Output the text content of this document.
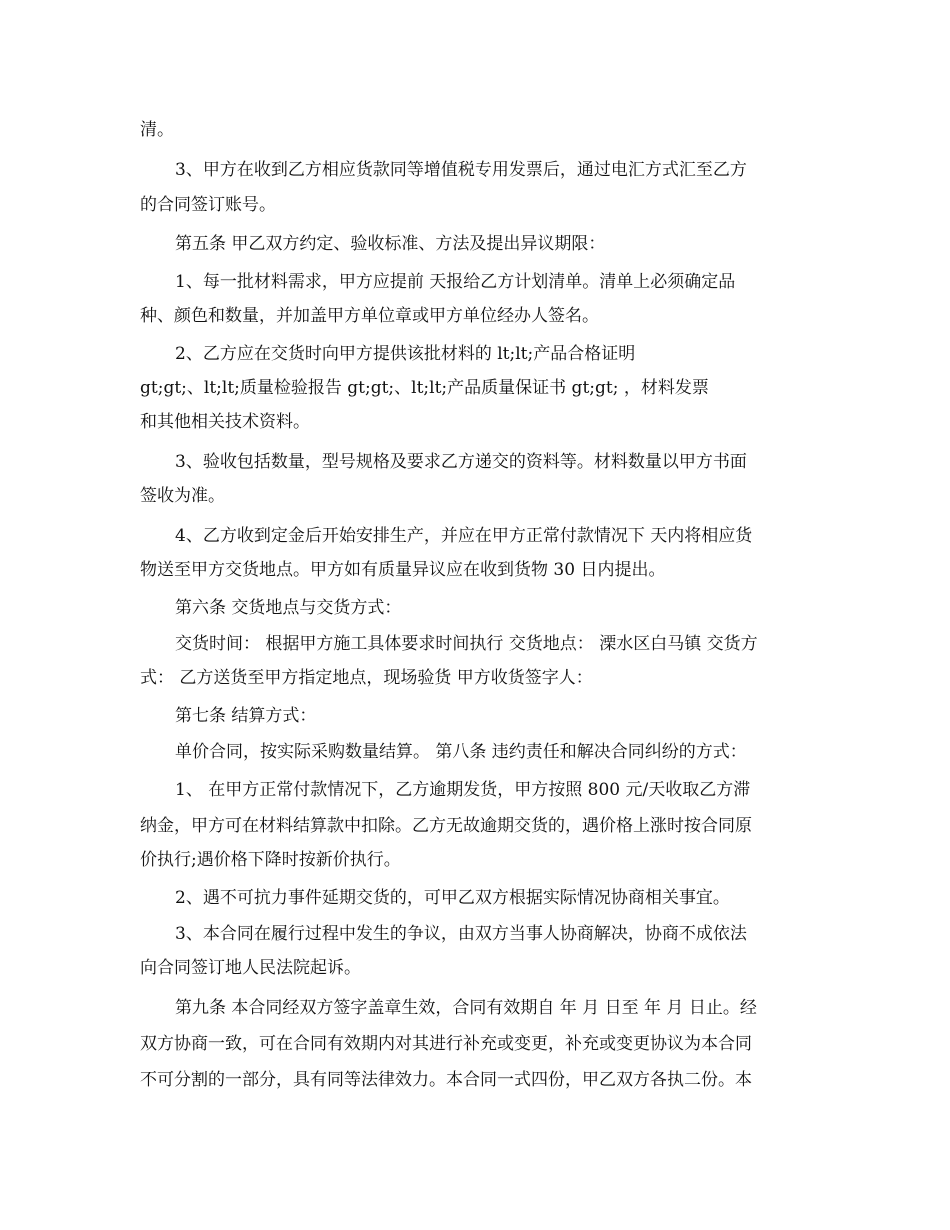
清。
3、甲方在收到乙方相应货款同等增值税专用发票后，通过电汇方式汇至乙方
的合同签订账号。
第五条 甲乙双方约定、验收标准、方法及提出异议期限：
1、每一批材料需求，甲方应提前 天报给乙方计划清单。清单上必须确定品
种、颜色和数量，并加盖甲方单位章或甲方单位经办人签名。
2、乙方应在交货时向甲方提供该批材料的 lt;lt;产品合格证明
gt;gt;、lt;lt;质量检验报告 gt;gt;、lt;lt;产品质量保证书 gt;gt; ，材料发票
和其他相关技术资料。
3、验收包括数量，型号规格及要求乙方递交的资料等。材料数量以甲方书面
签收为准。
4、乙方收到定金后开始安排生产，并应在甲方正常付款情况下 天内将相应货
物送至甲方交货地点。甲方如有质量异议应在收到货物 30 日内提出。
第六条 交货地点与交货方式：
交货时间： 根据甲方施工具体要求时间执行 交货地点： 溧水区白马镇 交货方
式： 乙方送货至甲方指定地点，现场验货 甲方收货签字人：
第七条 结算方式：
单价合同，按实际采购数量结算。 第八条 违约责任和解决合同纠纷的方式：
1、 在甲方正常付款情况下，乙方逾期发货，甲方按照 800 元/天收取乙方滞
纳金，甲方可在材料结算款中扣除。乙方无故逾期交货的，遇价格上涨时按合同原
价执行;遇价格下降时按新价执行。
2、遇不可抗力事件延期交货的，可甲乙双方根据实际情况协商相关事宜。
3、本合同在履行过程中发生的争议，由双方当事人协商解决，协商不成依法
向合同签订地人民法院起诉。
第九条 本合同经双方签字盖章生效，合同有效期自 年 月 日至 年 月 日止。经
双方协商一致，可在合同有效期内对其进行补充或变更，补充或变更协议为本合同
不可分割的一部分，具有同等法律效力。本合同一式四份，甲乙双方各执二份。本
